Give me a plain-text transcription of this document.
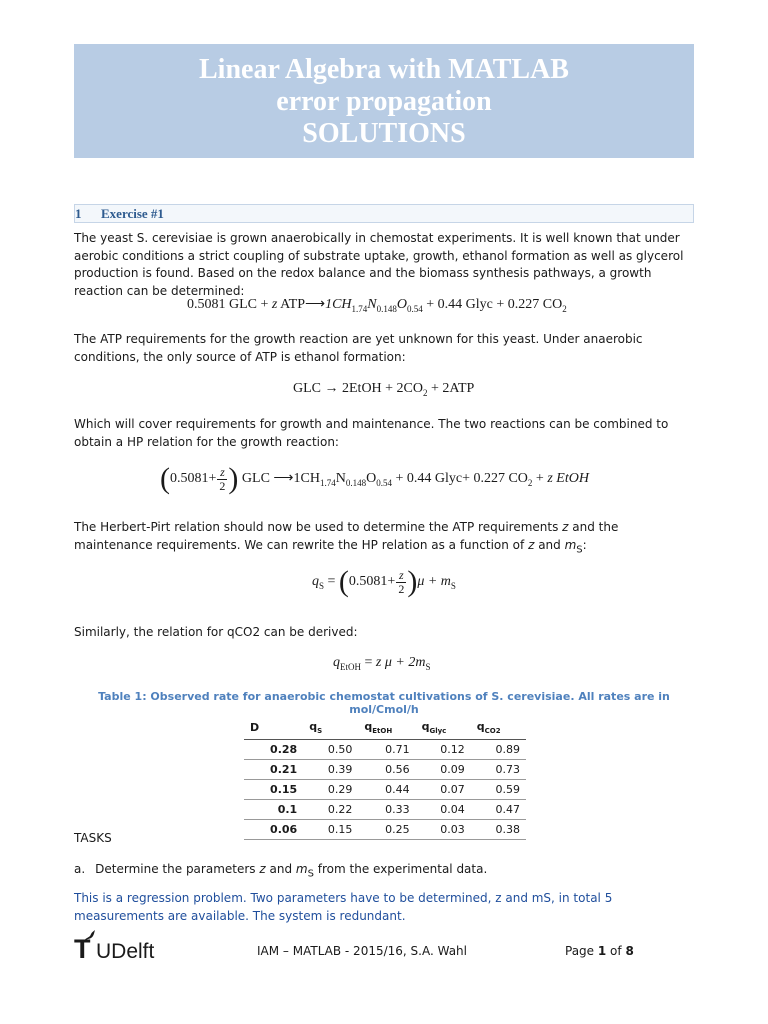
Linear Algebra with MATLAB
error propagation
SOLUTIONS
1 Exercise #1
The yeast S. cerevisiae is grown anaerobically in chemostat experiments. It is well known that under aerobic conditions a strict coupling of substrate uptake, growth, ethanol formation as well as glycerol production is found. Based on the redox balance and the biomass synthesis pathways, a growth reaction can be determined:
0.5081 GLC + z $ATP⟶1CH_{1.74}N_{0.148}O_{0.54} + 0.44$ Glyc + 0.227 $CO_2$
The ATP requirements for the growth reaction are yet unknown for this yeast. Under anaerobic conditions, the only source of ATP is ethanol formation:
GLC → 2EtOH + $2CO_2 + 2ATP$
Which will cover requirements for growth and maintenance. The two reactions can be combined to obtain a HP relation for the growth reaction:
($0.5081+ \frac{z}{2}$ ) GLC $⟶1CH_{1.74}N_{0.148}O_{0.54} + 0.44$ Glyc+ 0.227 $CO_2 + z$ EtOH
The Herbert-Pirt relation should now be used to determine the ATP requirements z and the maintenance requirements. We can rewrite the HP relation as a function of z and $m_S$:
$q_S = (0.5081+ \frac{z}{2} )\mu + m_S$
Similarly, the relation for qCO2 can be derived:
$q_{EtOH} = z$ $\mu + 2m_S$
Table 1: Observed rate for anaerobic chemostat cultivations of S. cerevisiae. All rates are in mol/Cmol/h
D	$q_S$	$q_{EtOH}$	$q_{Glyc}$	$q_{CO2}$
0.28	0.50	0.71	0.12	0.89
0.21	0.39	0.56	0.09	0.73
0.15	0.29	0.44	0.07	0.59
0.1	0.22	0.33	0.04	0.47
0.06	0.15	0.25	0.03	0.38
TASKS
a. Determine the parameters z and $m_S$ from the experimental data.
This is a regression problem. Two parameters have to be determined, z and mS, in total 5 measurements are available. The system is redundant.
T UDelft	IAM – MATLAB - 2015/16, S.A. Wahl	Page 1 of 8
